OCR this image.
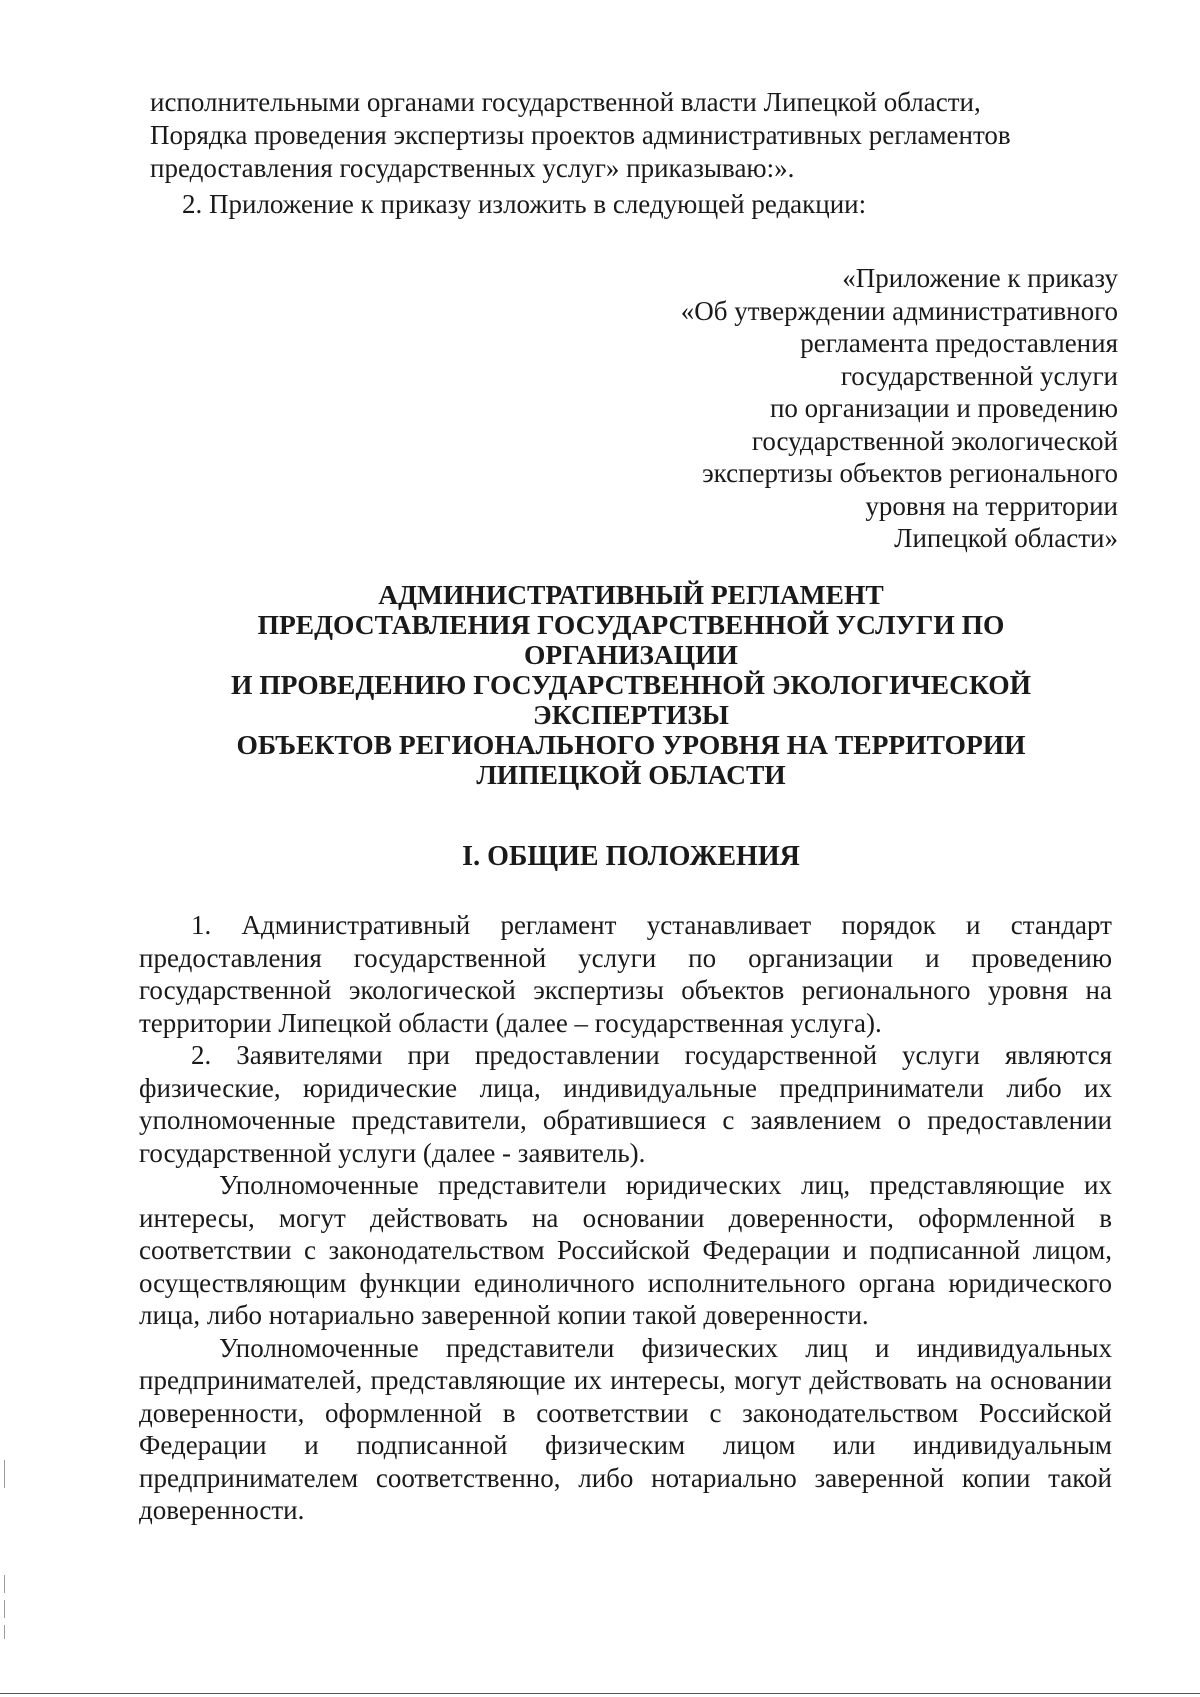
исполнительными органами государственной власти Липецкой области,

Порядка проведения экспертизы проектов административных регламентов

предоставления государственных услуг» приказываю:».

2. Приложение к приказу изложить в следующей редакции:

«Приложение к приказу
«Об утверждении административного
регламента предоставления
государственной услуги
по организации и проведению
государственной экологической
экспертизы объектов регионального
уровня на территории
Липецкой области»
АДМИНИСТРАТИВНЫЙ РЕГЛАМЕНТ
ПРЕДОСТАВЛЕНИЯ ГОСУДАРСТВЕННОЙ УСЛУГИ ПО
ОРГАНИЗАЦИИ
И ПРОВЕДЕНИЮ ГОСУДАРСТВЕННОЙ ЭКОЛОГИЧЕСКОЙ
ЭКСПЕРТИЗЫ
ОБЪЕКТОВ РЕГИОНАЛЬНОГО УРОВНЯ НА ТЕРРИТОРИИ
ЛИПЕЦКОЙ ОБЛАСТИ
I. ОБЩИЕ ПОЛОЖЕНИЯ

1. Административный регламент устанавливает порядок и стандарт предоставления государственной услуги по организации и проведению государственной экологической экспертизы объектов регионального уровня на территории Липецкой области (далее – государственная услуга).

2. Заявителями при предоставлении государственной услуги являются физические, юридические лица, индивидуальные предприниматели либо их уполномоченные представители, обратившиеся с заявлением о предоставлении государственной услуги (далее - заявитель).

Уполномоченные представители юридических лиц, представляющие их интересы, могут действовать на основании доверенности, оформленной в соответствии с законодательством Российской Федерации и подписанной лицом, осуществляющим функции единоличного исполнительного органа юридического лица, либо нотариально заверенной копии такой доверенности.

Уполномоченные представители физических лиц и индивидуальных предпринимателей, представляющие их интересы, могут действовать на основании доверенности, оформленной в соответствии с законодательством Российской Федерации и подписанной физическим лицом или индивидуальным предпринимателем соответственно, либо нотариально заверенной копии такой доверенности.
